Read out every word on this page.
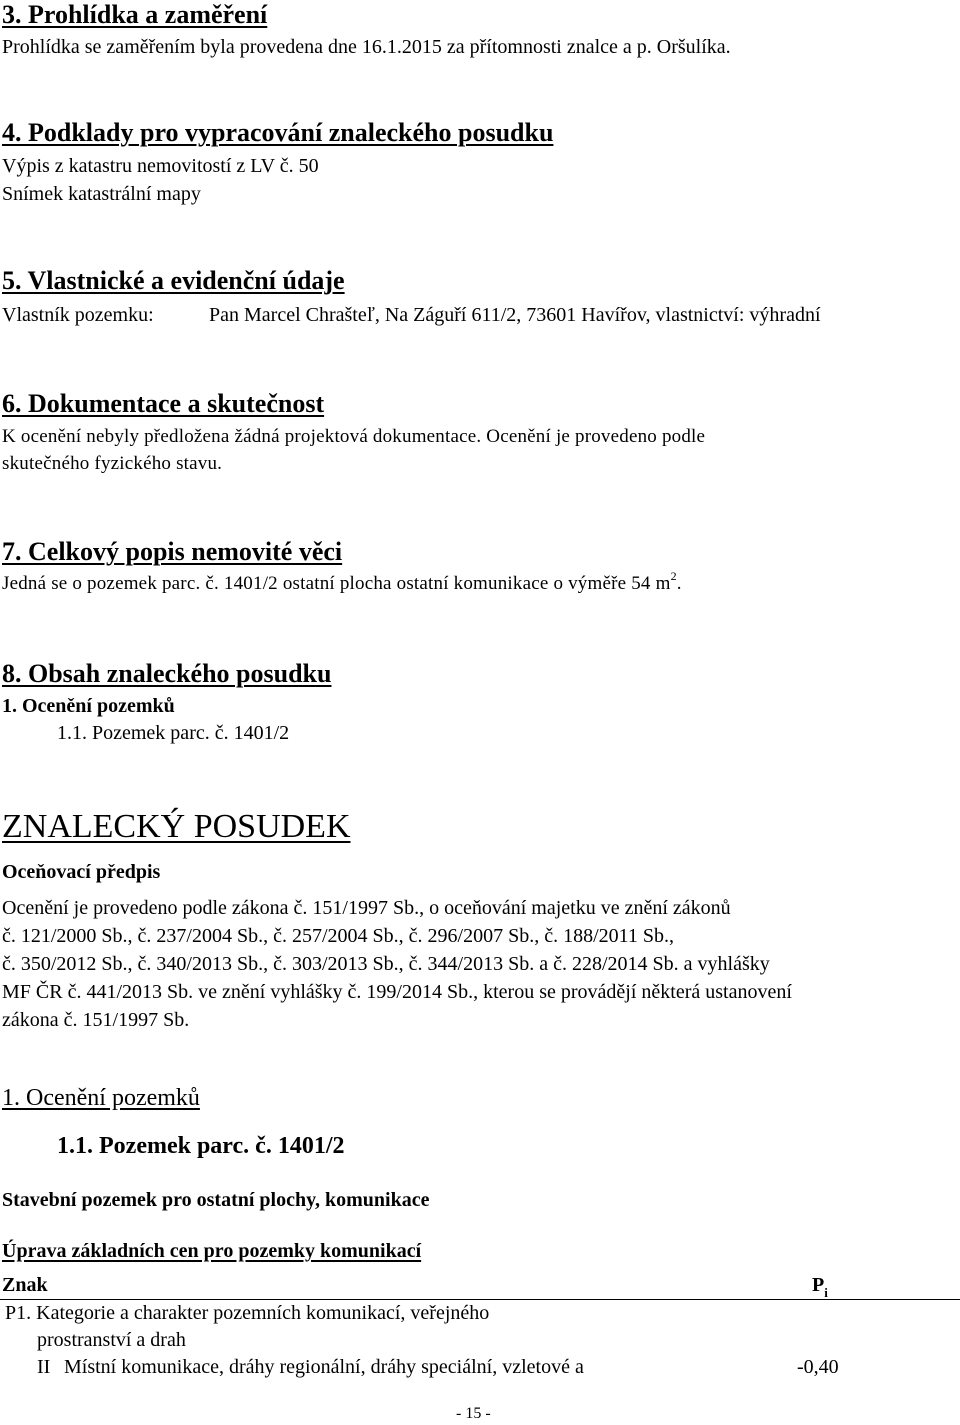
3. Prohlídka a zaměření
Prohlídka se zaměřením byla provedena dne 16.1.2015 za přítomnosti znalce a p. Oršulíka.
4. Podklady pro vypracování znaleckého posudku
Výpis z katastru nemovitostí z LV č. 50
Snímek katastrální mapy
5. Vlastnické a evidenční údaje
Vlastník pozemku:	Pan Marcel Chrašteľ, Na Záguří 611/2, 73601 Havířov, vlastnictví: výhradní
6. Dokumentace a skutečnost
K ocenění nebyly předložena žádná projektová dokumentace. Ocenění je provedeno podle
skutečného fyzického stavu.
7. Celkový popis nemovité věci
Jedná se o pozemek parc. č. 1401/2 ostatní plocha ostatní komunikace o výměře 54 $m^2$.
8. Obsah znaleckého posudku
1. Ocenění pozemků
1.1. Pozemek parc. č. 1401/2
ZNALECKÝ POSUDEK
Oceňovací předpis
Ocenění je provedeno podle zákona č. 151/1997 Sb., o oceňování majetku ve znění zákonů
č. 121/2000 Sb., č. 237/2004 Sb., č. 257/2004 Sb., č. 296/2007 Sb., č. 188/2011 Sb.,
č. 350/2012 Sb., č. 340/2013 Sb., č. 303/2013 Sb., č. 344/2013 Sb. a č. 228/2014 Sb. a vyhlášky
MF ČR č. 441/2013 Sb. ve znění vyhlášky č. 199/2014 Sb., kterou se provádějí některá ustanovení
zákona č. 151/1997 Sb.
1. Ocenění pozemků
1.1. Pozemek parc. č. 1401/2
Stavební pozemek pro ostatní plochy, komunikace
Úprava základních cen pro pozemky komunikací
Znak	$P_i$
P1. Kategorie a charakter pozemních komunikací, veřejného
prostranství a drah
II Místní komunikace, dráhy regionální, dráhy speciální, vzletové a	-0,40
- 15 -
